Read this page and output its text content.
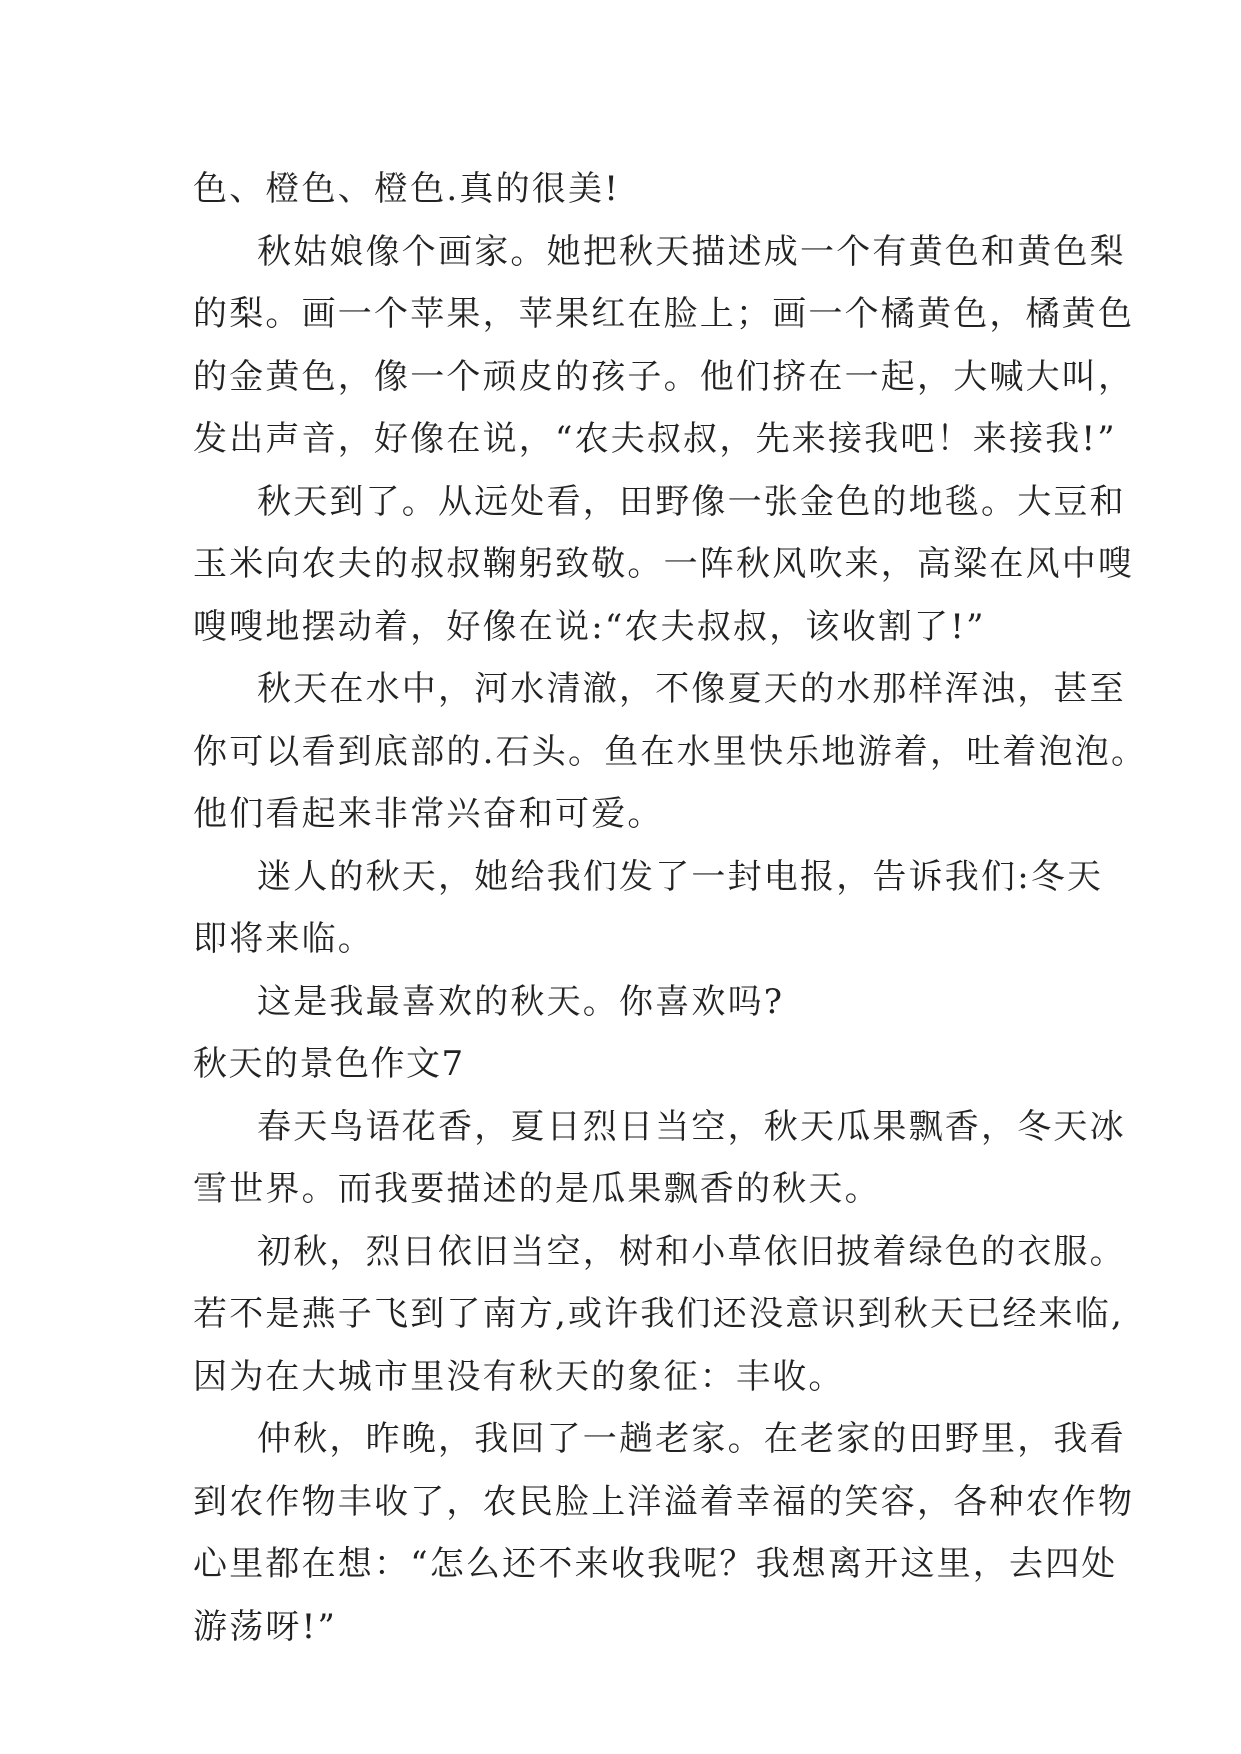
色、橙色、橙色.真的很美!
秋姑娘像个画家。她把秋天描述成一个有黄色和黄色梨
的梨。画一个苹果，苹果红在脸上；画一个橘黄色，橘黄色
的金黄色，像一个顽皮的孩子。他们挤在一起，大喊大叫，
发出声音，好像在说，“农夫叔叔，先来接我吧！来接我!”
秋天到了。从远处看，田野像一张金色的地毯。大豆和
玉米向农夫的叔叔鞠躬致敬。一阵秋风吹来，高粱在风中嗖
嗖嗖地摆动着，好像在说:“农夫叔叔，该收割了!”
秋天在水中，河水清澈，不像夏天的水那样浑浊，甚至
你可以看到底部的.石头。鱼在水里快乐地游着，吐着泡泡。
他们看起来非常兴奋和可爱。
迷人的秋天，她给我们发了一封电报，告诉我们:冬天
即将来临。
这是我最喜欢的秋天。你喜欢吗?
秋天的景色作文7
春天鸟语花香，夏日烈日当空，秋天瓜果飘香，冬天冰
雪世界。而我要描述的是瓜果飘香的秋天。
初秋，烈日依旧当空，树和小草依旧披着绿色的衣服。
若不是燕子飞到了南方,或许我们还没意识到秋天已经来临,
因为在大城市里没有秋天的象征：丰收。
仲秋，昨晚，我回了一趟老家。在老家的田野里，我看
到农作物丰收了，农民脸上洋溢着幸福的笑容，各种农作物
心里都在想：“怎么还不来收我呢？我想离开这里，去四处
游荡呀!”
